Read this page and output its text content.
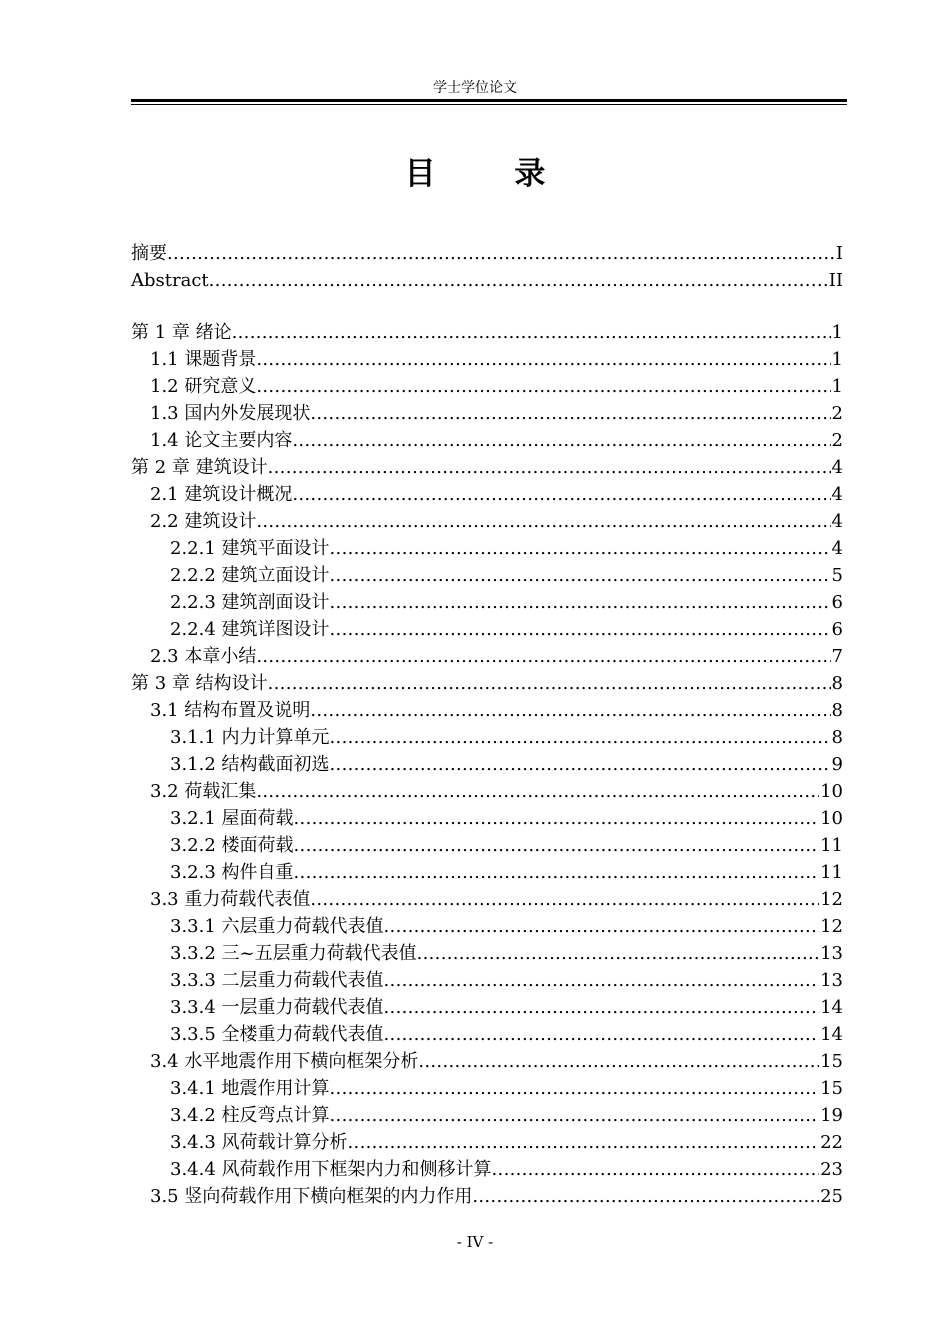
学士学位论文
目 录
摘要 .....	I
Abstract .....	II
第 1 章 绪论 .....	1
1.1 课题背景 .....	1
1.2 研究意义 .....	1
1.3 国内外发展现状 .....	2
1.4 论文主要内容 .....	2
第 2 章 建筑设计 .....	4
2.1 建筑设计概况 .....	4
2.2 建筑设计 .....	4
2.2.1 建筑平面设计 .....	4
2.2.2 建筑立面设计 .....	5
2.2.3 建筑剖面设计 .....	6
2.2.4 建筑详图设计 .....	6
2.3 本章小结 .....	7
第 3 章 结构设计 .....	8
3.1 结构布置及说明 .....	8
3.1.1 内力计算单元 .....	8
3.1.2 结构截面初选 .....	9
3.2 荷载汇集 .....	10
3.2.1 屋面荷载 .....	10
3.2.2 楼面荷载 .....	11
3.2.3 构件自重 .....	11
3.3 重力荷载代表值 .....	12
3.3.1 六层重力荷载代表值 .....	12
3.3.2 三~五层重力荷载代表值 .....	13
3.3.3 二层重力荷载代表值 .....	13
3.3.4 一层重力荷载代表值 .....	14
3.3.5 全楼重力荷载代表值 .....	14
3.4 水平地震作用下横向框架分析 .....	15
3.4.1 地震作用计算 .....	15
3.4.2 柱反弯点计算 .....	19
3.4.3 风荷载计算分析 .....	22
3.4.4 风荷载作用下框架内力和侧移计算 .....	23
3.5 竖向荷载作用下横向框架的内力作用 .....	25
- IV -
